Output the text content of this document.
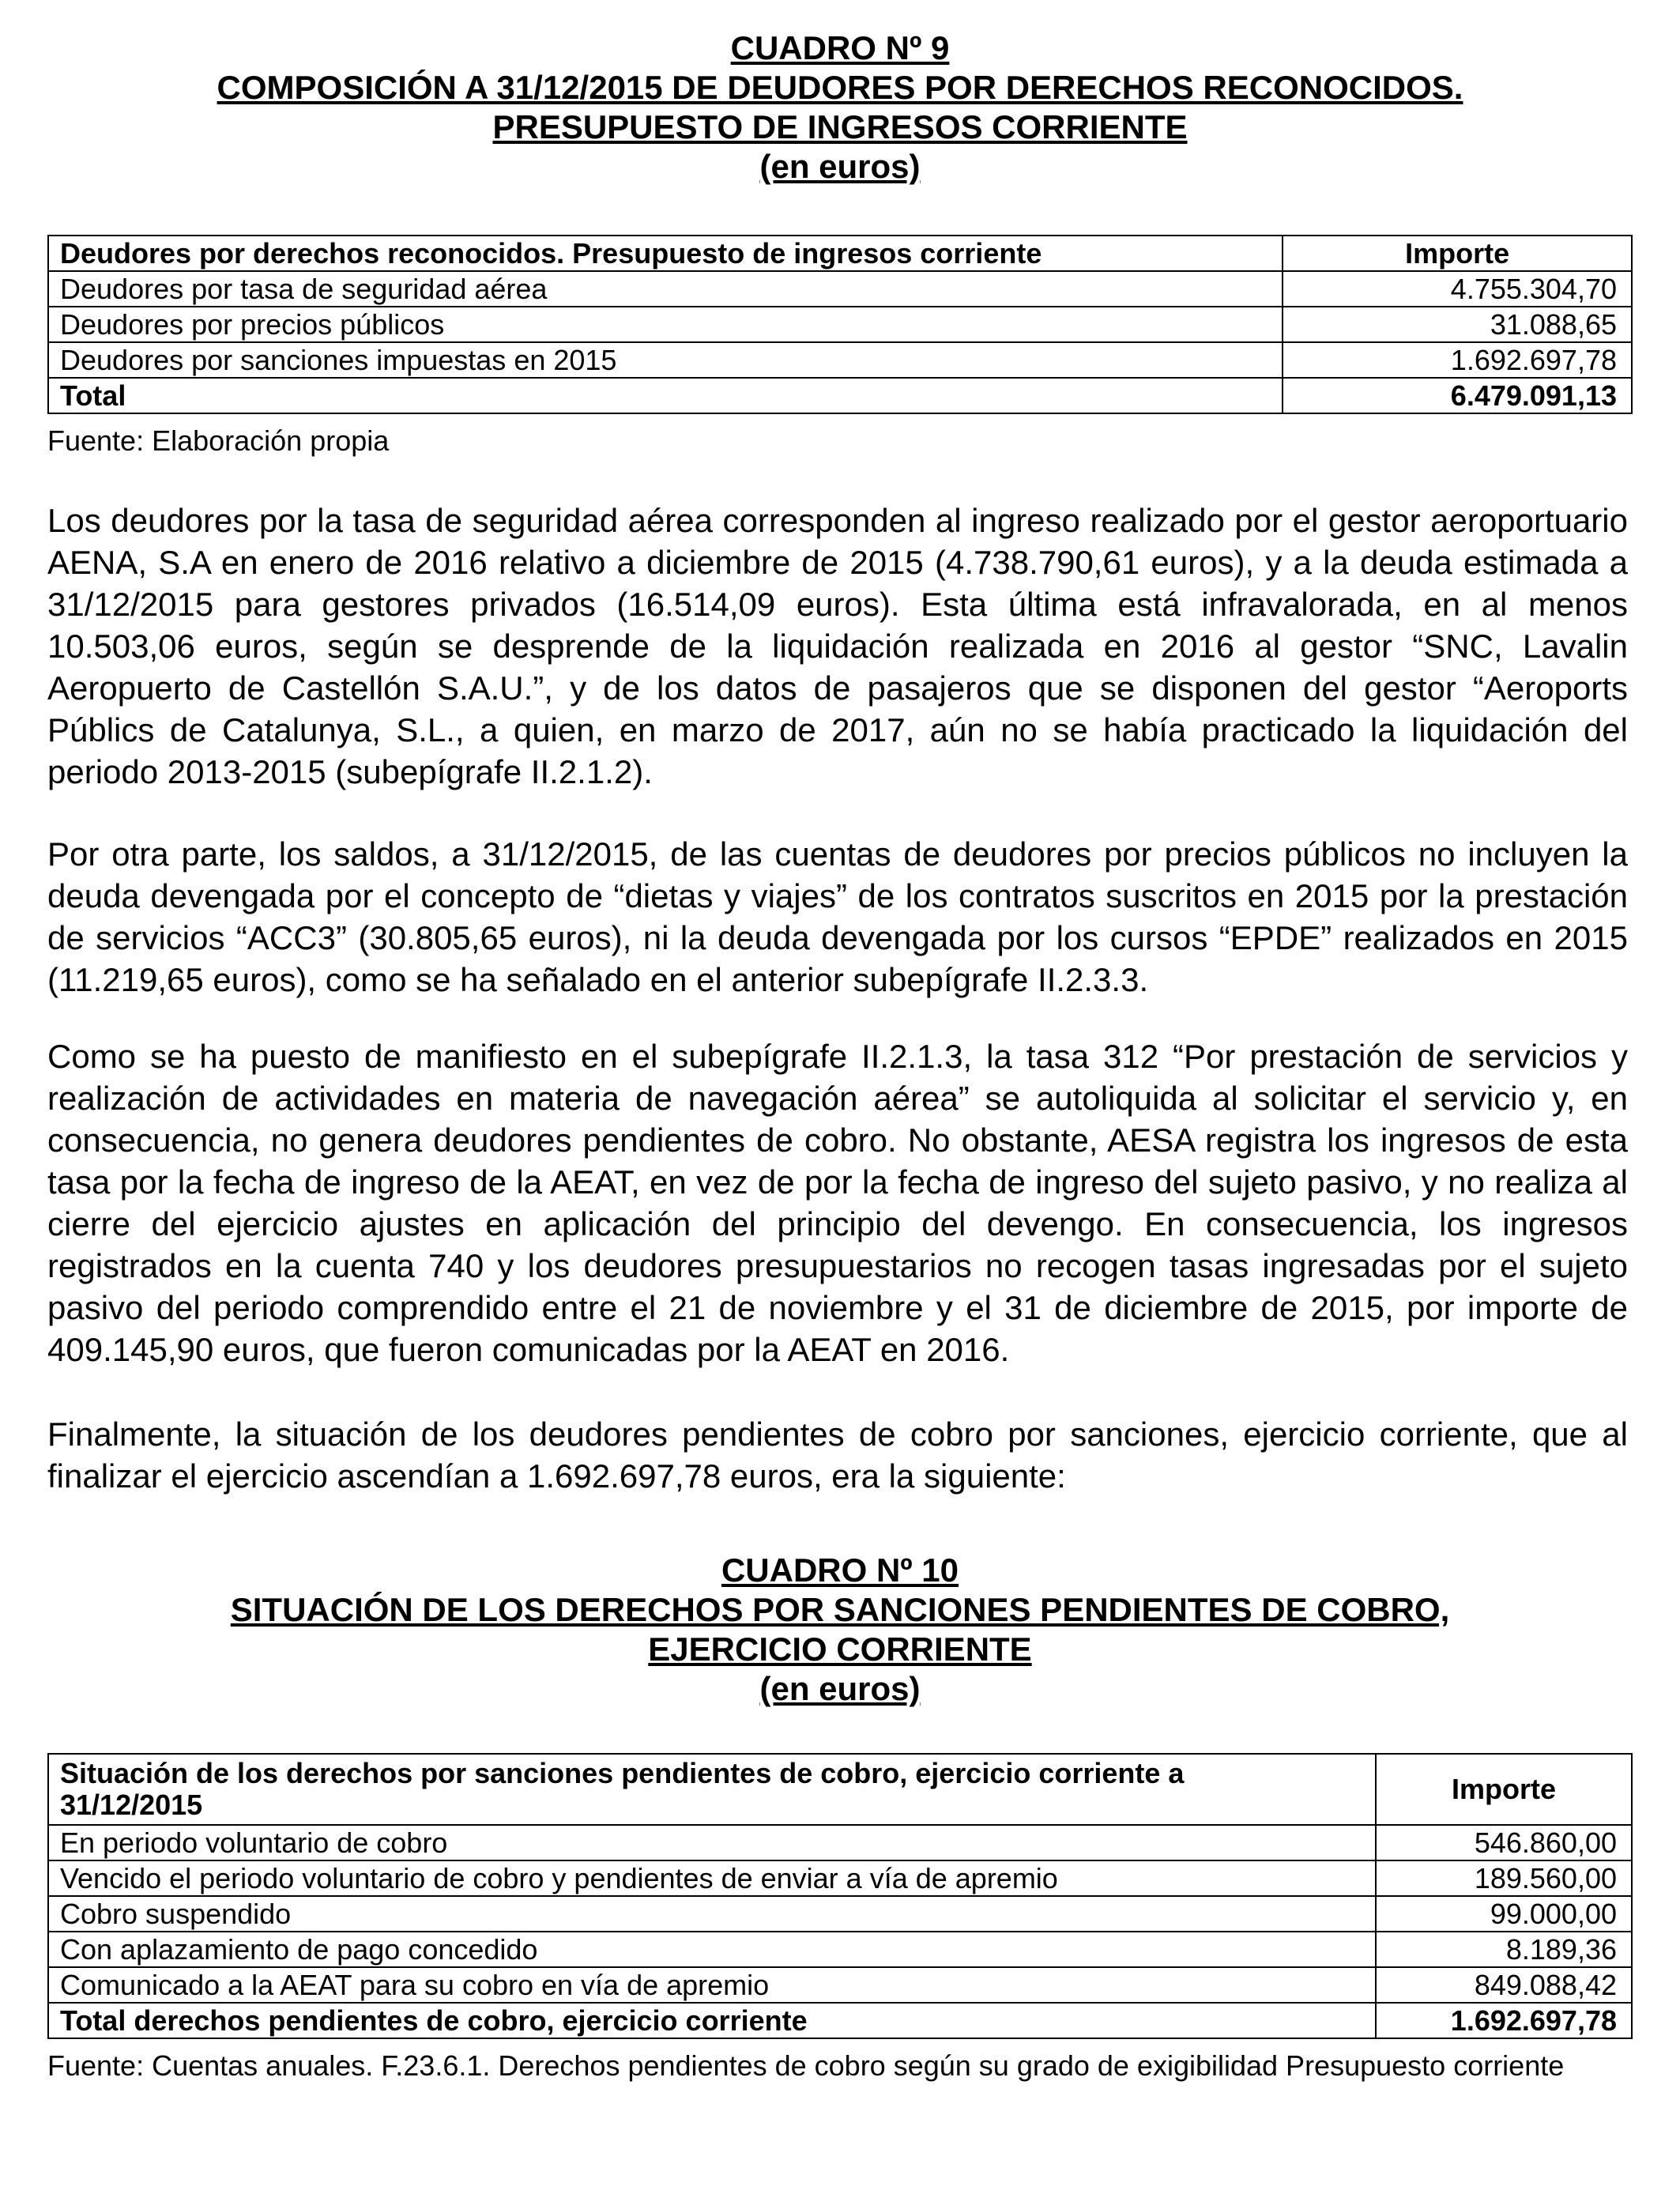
CUADRO Nº 9
COMPOSICIÓN A 31/12/2015 DE DEUDORES POR DERECHOS RECONOCIDOS.
PRESUPUESTO DE INGRESOS CORRIENTE
(en euros)
Deudores por derechos reconocidos. Presupuesto de ingresos corriente	Importe
Deudores por tasa de seguridad aérea	4.755.304,70
Deudores por precios públicos	31.088,65
Deudores por sanciones impuestas en 2015	1.692.697,78
Total	6.479.091,13
Fuente: Elaboración propia

Los deudores por la tasa de seguridad aérea corresponden al ingreso realizado por el gestor aeroportuario AENA, S.A en enero de 2016 relativo a diciembre de 2015 (4.738.790,61 euros), y a la deuda estimada a 31/12/2015 para gestores privados (16.514,09 euros). Esta última está infravalorada, en al menos 10.503,06 euros, según se desprende de la liquidación realizada en 2016 al gestor “SNC, Lavalin Aeropuerto de Castellón S.A.U.”, y de los datos de pasajeros que se disponen del gestor “Aeroports Públics de Catalunya, S.L., a quien, en marzo de 2017, aún no se había practicado la liquidación del periodo 2013-2015 (subepígrafe II.2.1.2).

Por otra parte, los saldos, a 31/12/2015, de las cuentas de deudores por precios públicos no incluyen la deuda devengada por el concepto de “dietas y viajes” de los contratos suscritos en 2015 por la prestación de servicios “ACC3” (30.805,65 euros), ni la deuda devengada por los cursos “EPDE” realizados en 2015 (11.219,65 euros), como se ha señalado en el anterior subepígrafe II.2.3.3.

Como se ha puesto de manifiesto en el subepígrafe II.2.1.3, la tasa 312 “Por prestación de servicios y realización de actividades en materia de navegación aérea” se autoliquida al solicitar el servicio y, en consecuencia, no genera deudores pendientes de cobro. No obstante, AESA registra los ingresos de esta tasa por la fecha de ingreso de la AEAT, en vez de por la fecha de ingreso del sujeto pasivo, y no realiza al cierre del ejercicio ajustes en aplicación del principio del devengo. En consecuencia, los ingresos registrados en la cuenta 740 y los deudores presupuestarios no recogen tasas ingresadas por el sujeto pasivo del periodo comprendido entre el 21 de noviembre y el 31 de diciembre de 2015, por importe de 409.145,90 euros, que fueron comunicadas por la AEAT en 2016.

Finalmente, la situación de los deudores pendientes de cobro por sanciones, ejercicio corriente, que al finalizar el ejercicio ascendían a 1.692.697,78 euros, era la siguiente:

CUADRO Nº 10
SITUACIÓN DE LOS DERECHOS POR SANCIONES PENDIENTES DE COBRO,
EJERCICIO CORRIENTE
(en euros)
Situación de los derechos por sanciones pendientes de cobro, ejercicio corriente a
31/12/2015	Importe
En periodo voluntario de cobro	546.860,00
Vencido el periodo voluntario de cobro y pendientes de enviar a vía de apremio	189.560,00
Cobro suspendido	99.000,00
Con aplazamiento de pago concedido	8.189,36
Comunicado a la AEAT para su cobro en vía de apremio	849.088,42
Total derechos pendientes de cobro, ejercicio corriente	1.692.697,78
Fuente: Cuentas anuales. F.23.6.1. Derechos pendientes de cobro según su grado de exigibilidad Presupuesto corriente
